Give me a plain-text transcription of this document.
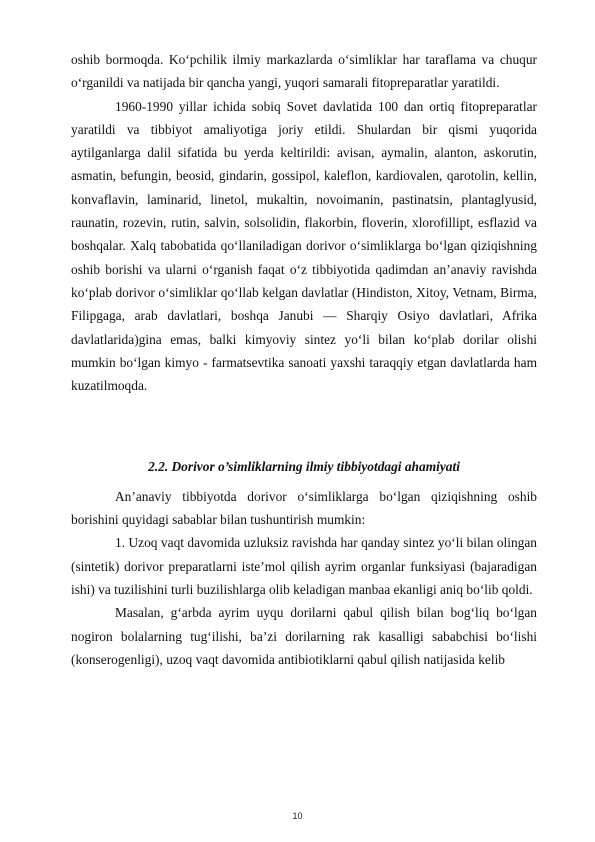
oshib bormoqda. Ko‘pchilik ilmiy markazlarda o‘simliklar har taraflama va chuqur o‘rganildi va natijada bir qancha yangi, yuqori samarali fitopreparatlar yaratildi.

1960-1990 yillar ichida sobiq Sovet davlatida 100 dan ortiq fitopreparatlar yaratildi va tibbiyot amaliyotiga joriy etildi. Shulardan bir qismi yuqorida aytilganlarga dalil sifatida bu yerda keltirildi: avisan, aymalin, alanton, askorutin, asmatin, befungin, beosid, gindarin, gossipol, kaleflon, kardiovalen, qarotolin, kellin, konvaflavin, laminarid, linetol, mukaltin, novoimanin, pastinatsin, plantaglyusid, raunatin, rozevin, rutin, salvin, solsolidin, flakorbin, floverin, xlorofillipt, esflazid va boshqalar. Xalq tabobatida qo‘llaniladigan dorivor o‘simliklarga bo‘lgan qiziqishning oshib borishi va ularni o‘rganish faqat o‘z tibbiyotida qadimdan an’anaviy ravishda ko‘plab dorivor o‘simliklar qo‘llab kelgan davlatlar (Hindiston, Xitoy, Vetnam, Birma, Filipgaga, arab davlatlari, boshqa Janubi — Sharqiy Osiyo davlatlari, Afrika davlatlarida)gina emas, balki kimyoviy sintez yo‘li bilan ko‘plab dorilar olishi mumkin bo‘lgan kimyo - farmatsevtika sanoati yaxshi taraqqiy etgan davlatlarda ham kuzatilmoqda.

2.2. Dorivor o’simliklarning ilmiy tibbiyotdagi ahamiyati

An’anaviy tibbiyotda dorivor o‘simliklarga bo‘lgan qiziqishning oshib borishini quyidagi sabablar bilan tushuntirish mumkin:

1. Uzoq vaqt davomida uzluksiz ravishda har qanday sintez yo‘li bilan olingan (sintetik) dorivor preparatlarni iste’mol qilish ayrim organlar funksiyasi (bajaradigan ishi) va tuzilishini turli buzilishlarga olib keladigan manbaa ekanligi aniq bo‘lib qoldi.

Masalan, g‘arbda ayrim uyqu dorilarni qabul qilish bilan bog‘liq bo‘lgan nogiron bolalarning tug‘ilishi, ba’zi dorilarning rak kasalligi sababchisi bo‘lishi (konserogenligi), uzoq vaqt davomida antibiotiklarni qabul qilish natijasida kelib

10
